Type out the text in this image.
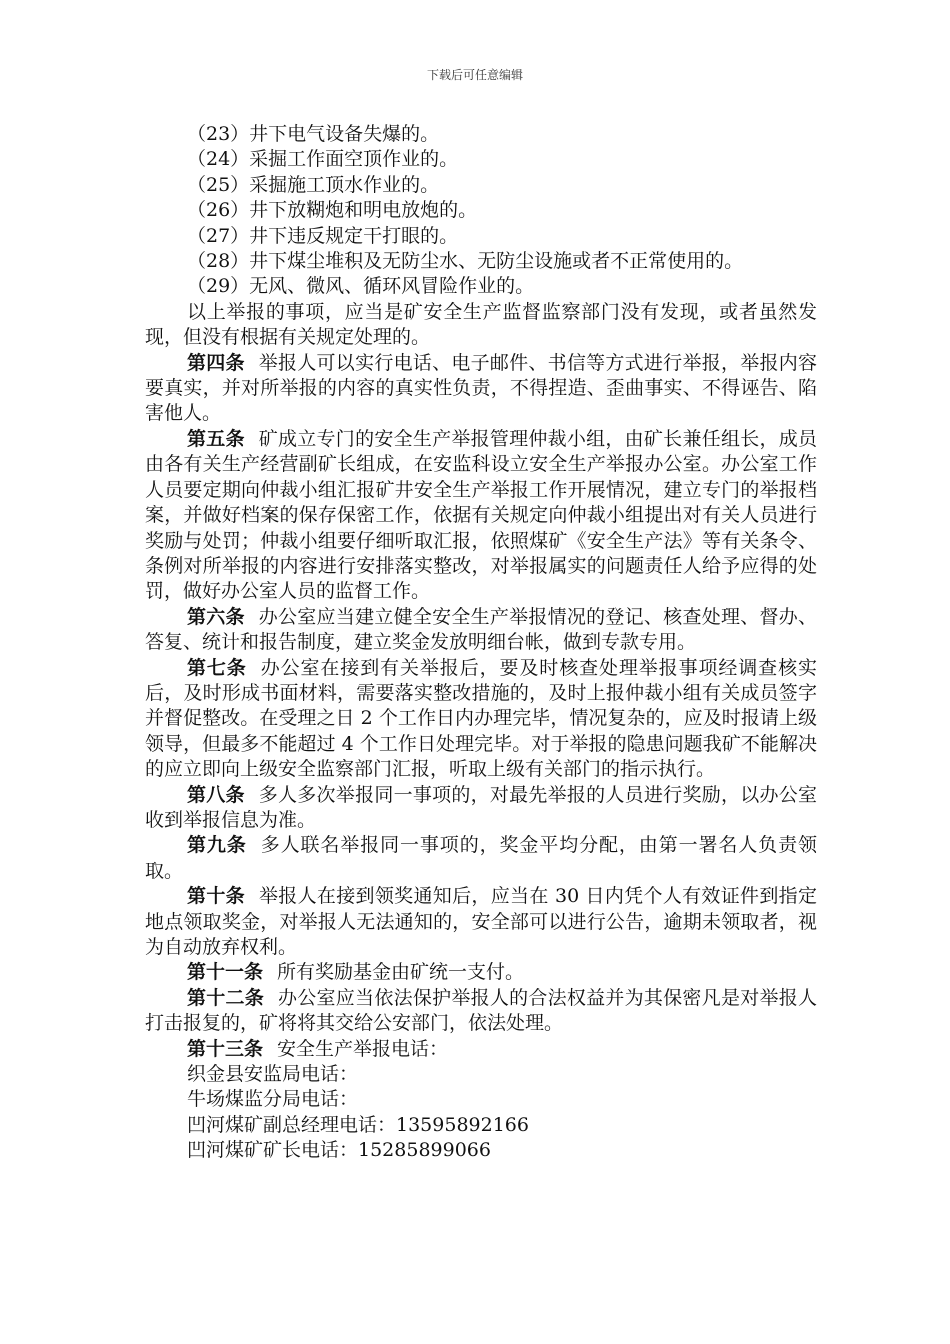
下载后可任意编辑
（23）井下电气设备失爆的。
（24）采掘工作面空顶作业的。
（25）采掘施工顶水作业的。
（26）井下放糊炮和明电放炮的。
（27）井下违反规定干打眼的。
（28）井下煤尘堆积及无防尘水、无防尘设施或者不正常使用的。
（29）无风、微风、循环风冒险作业的。
以上举报的事项，应当是矿安全生产监督监察部门没有发现，或者虽然发现，但没有根据有关规定处理的。
第四条 举报人可以实行电话、电子邮件、书信等方式进行举报，举报内容要真实，并对所举报的内容的真实性负责，不得捏造、歪曲事实、不得诬告、陷害他人。
第五条 矿成立专门的安全生产举报管理仲裁小组，由矿长兼任组长，成员由各有关生产经营副矿长组成，在安监科设立安全生产举报办公室。办公室工作人员要定期向仲裁小组汇报矿井安全生产举报工作开展情况，建立专门的举报档案，并做好档案的保存保密工作，依据有关规定向仲裁小组提出对有关人员进行奖励与处罚；仲裁小组要仔细听取汇报，依照煤矿《安全生产法》等有关条令、条例对所举报的内容进行安排落实整改，对举报属实的问题责任人给予应得的处罚，做好办公室人员的监督工作。
第六条 办公室应当建立健全安全生产举报情况的登记、核查处理、督办、答复、统计和报告制度，建立奖金发放明细台帐，做到专款专用。
第七条 办公室在接到有关举报后，要及时核查处理举报事项经调查核实后，及时形成书面材料，需要落实整改措施的，及时上报仲裁小组有关成员签字并督促整改。在受理之日 2 个工作日内办理完毕，情况复杂的，应及时报请上级领导，但最多不能超过 4 个工作日处理完毕。对于举报的隐患问题我矿不能解决的应立即向上级安全监察部门汇报，听取上级有关部门的指示执行。
第八条 多人多次举报同一事项的，对最先举报的人员进行奖励，以办公室收到举报信息为准。
第九条 多人联名举报同一事项的，奖金平均分配，由第一署名人负责领取。
第十条 举报人在接到领奖通知后，应当在 30 日内凭个人有效证件到指定地点领取奖金，对举报人无法通知的，安全部可以进行公告，逾期未领取者，视为自动放弃权利。
第十一条 所有奖励基金由矿统一支付。
第十二条 办公室应当依法保护举报人的合法权益并为其保密凡是对举报人打击报复的，矿将将其交给公安部门，依法处理。
第十三条 安全生产举报电话：
织金县安监局电话：
牛场煤监分局电话：
凹河煤矿副总经理电话：13595892166
凹河煤矿矿长电话：15285899066
